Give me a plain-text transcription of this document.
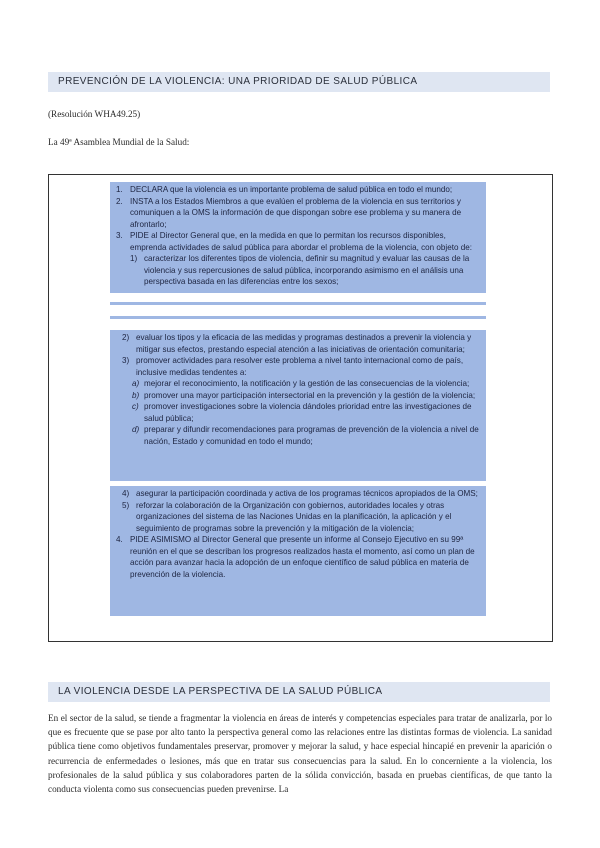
PREVENCIÓN DE LA VIOLENCIA: UNA PRIORIDAD DE SALUD PÚBLICA
(Resolución WHA49.25)
La 49ª Asamblea Mundial de la Salud:
1. DECLARA que la violencia es un importante problema de salud pública en todo el mundo;
2. INSTA a los Estados Miembros a que evalúen el problema de la violencia en sus territorios y comuniquen a la OMS la información de que dispongan sobre ese problema y su manera de afrontarlo;
3. PIDE al Director General que, en la medida en que lo permitan los recursos disponibles, emprenda actividades de salud pública para abordar el problema de la violencia, con objeto de:
1) caracterizar los diferentes tipos de violencia, definir su magnitud y evaluar las causas de la violencia y sus repercusiones de salud pública, incorporando asimismo en el análisis una perspectiva basada en las diferencias entre los sexos;
2) evaluar los tipos y la eficacia de las medidas y programas destinados a prevenir la violencia y mitigar sus efectos, prestando especial atención a las iniciativas de orientación comunitaria;
3) promover actividades para resolver este problema a nivel tanto internacional como de país, inclusive medidas tendentes a:
a) mejorar el reconocimiento, la notificación y la gestión de las consecuencias de la violencia;
b) promover una mayor participación intersectorial en la prevención y la gestión de la violencia;
c) promover investigaciones sobre la violencia dándoles prioridad entre las investigaciones de salud pública;
d) preparar y difundir recomendaciones para programas de prevención de la violencia a nivel de nación, Estado y comunidad en todo el mundo;
4) asegurar la participación coordinada y activa de los programas técnicos apropiados de la OMS;
5) reforzar la colaboración de la Organización con gobiernos, autoridades locales y otras organizaciones del sistema de las Naciones Unidas en la planificación, la aplicación y el seguimiento de programas sobre la prevención y la mitigación de la violencia;
4. PIDE ASIMISMO al Director General que presente un informe al Consejo Ejecutivo en su 99ª reunión en el que se describan los progresos realizados hasta el momento, así como un plan de acción para avanzar hacia la adopción de un enfoque científico de salud pública en materia de prevención de la violencia.
LA VIOLENCIA DESDE LA PERSPECTIVA DE LA SALUD PÚBLICA

En el sector de la salud, se tiende a fragmentar la violencia en áreas de interés y competencias especiales para tratar de analizarla, por lo que es frecuente que se pase por alto tanto la perspectiva general como las relaciones entre las distintas formas de violencia. La sanidad pública tiene como objetivos fundamentales preservar, promover y mejorar la salud, y hace especial hincapié en prevenir la aparición o recurrencia de enfermedades o lesiones, más que en tratar sus consecuencias para la salud. En lo concerniente a la violencia, los profesionales de la salud pública y sus colaboradores parten de la sólida convicción, basada en pruebas científicas, de que tanto la conducta violenta como sus consecuencias pueden prevenirse. La
